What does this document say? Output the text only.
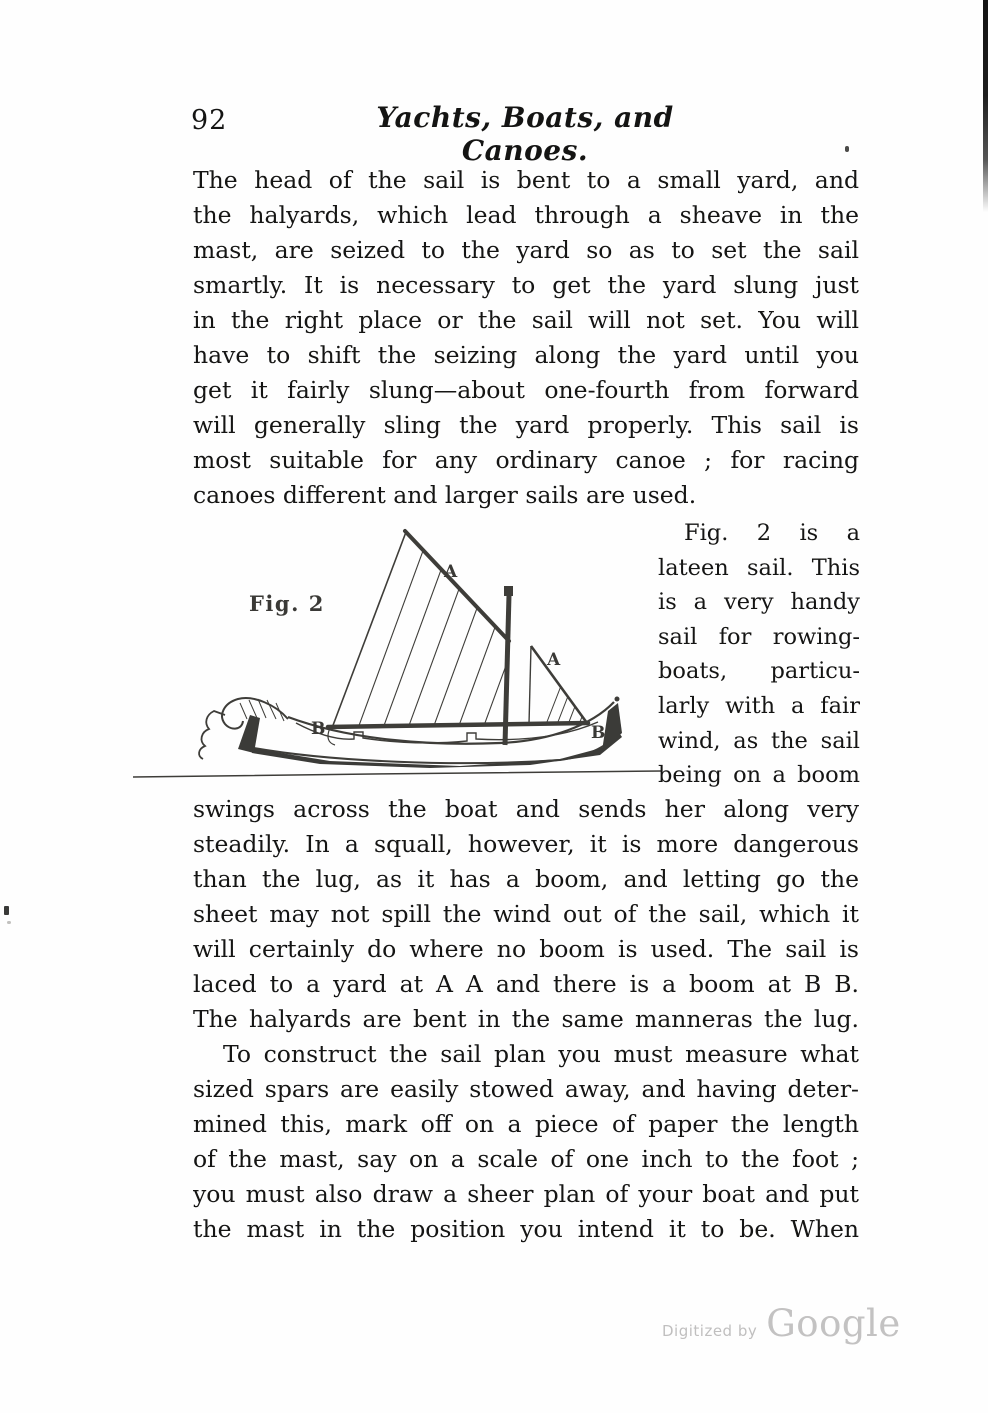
92	Yachts, Boats, and Canoes.
The head of the sail is bent to a small yard, and
the halyards, which lead through a sheave in the
mast, are seized to the yard so as to set the sail
smartly. It is necessary to get the yard slung just
in the right place or the sail will not set. You will
have to shift the seizing along the yard until you
get it fairly slung—about one-fourth from forward
will generally sling the yard properly. This sail is
most suitable for any ordinary canoe ; for racing
canoes different and larger sails are used.
Fig. 2
A
A
B	B
Fig. 2 is a
lateen sail. This
is a very handy
sail for rowing-
boats, particu-
larly with a fair
wind, as the sail
being on a boom
swings across the boat and sends her along very
steadily. In a squall, however, it is more dangerous
than the lug, as it has a boom, and letting go the
sheet may not spill the wind out of the sail, which it
will certainly do where no boom is used. The sail is
laced to a yard at A A and there is a boom at B B.
The halyards are bent in the same manneras the lug.
To construct the sail plan you must measure what
sized spars are easily stowed away, and having deter-
mined this, mark off on a piece of paper the length
of the mast, say on a scale of one inch to the foot ;
you must also draw a sheer plan of your boat and put
the mast in the position you intend it to be. When
Digitized by Google
